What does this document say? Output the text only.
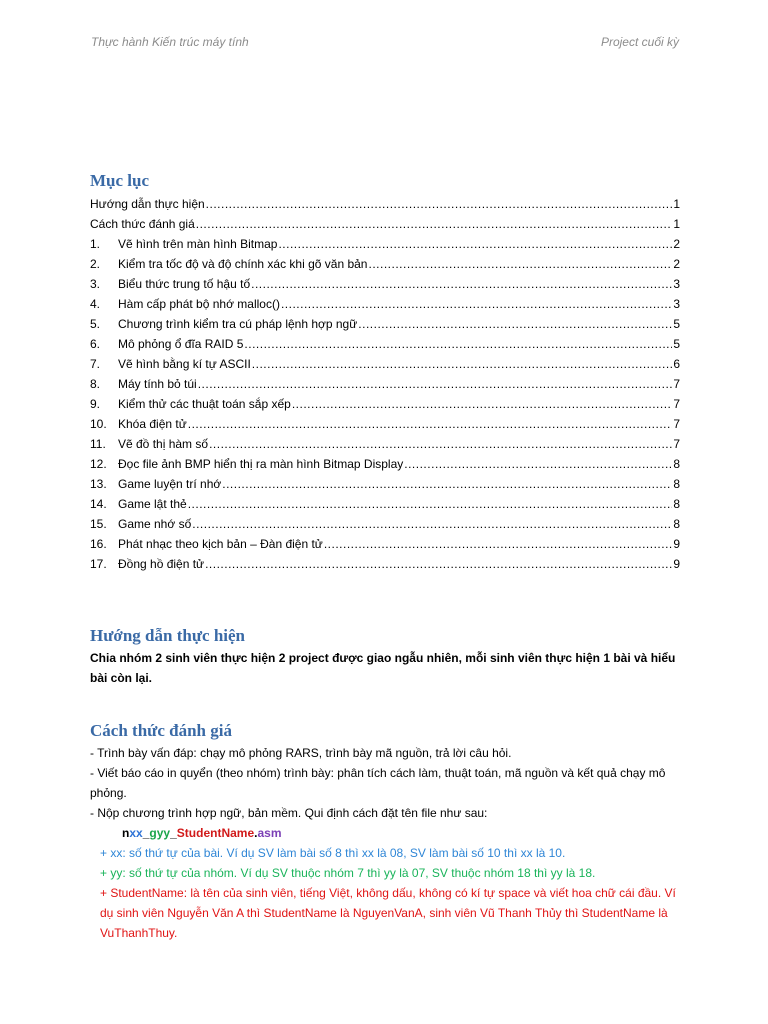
Thực hành Kiến trúc máy tính	Project cuối kỳ
Mục lục
Hướng dẫn thực hiện .....	1
Cách thức đánh giá .....	1
1.	Vẽ hình trên màn hình Bitmap .....	2
2.	Kiểm tra tốc độ và độ chính xác khi gõ văn bản .....	2
3.	Biểu thức trung tố hậu tố .....	3
4.	Hàm cấp phát bộ nhớ malloc() .....	3
5.	Chương trình kiểm tra cú pháp lệnh hợp ngữ .....	5
6.	Mô phỏng ổ đĩa RAID 5 .....	5
7.	Vẽ hình bằng kí tự ASCII .....	6
8.	Máy tính bỏ túi .....	7
9.	Kiểm thử các thuật toán sắp xếp .....	7
10. Khóa điện tử .....	7
11.	Vẽ đồ thị hàm số .....	7
12. Đọc file ảnh BMP hiển thị ra màn hình Bitmap Display .....	8
13. Game luyện trí nhớ .....	8
14. Game lật thẻ .....	8
15. Game nhớ số .....	8
16. Phát nhạc theo kịch bản – Đàn điện tử .....	9
17. Đồng hồ điện tử .....	9
Hướng dẫn thực hiện
Chia nhóm 2 sinh viên thực hiện 2 project được giao ngẫu nhiên, mỗi sinh viên thực hiện 1 bài và hiểu bài còn lại.
Cách thức đánh giá

- Trình bày vấn đáp: chạy mô phỏng RARS, trình bày mã nguồn, trả lời câu hỏi.

- Viết báo cáo in quyển (theo nhóm) trình bày: phân tích cách làm, thuật toán, mã nguồn và kết quả chạy mô phỏng.

- Nộp chương trình hợp ngữ, bản mềm. Qui định cách đặt tên file như sau:

nxx_gyy_StudentName.asm

+ xx: số thứ tự của bài. Ví dụ SV làm bài số 8 thì xx là 08, SV làm bài số 10 thì xx là 10.

+ yy: số thứ tự của nhóm. Ví dụ SV thuộc nhóm 7 thì yy là 07, SV thuộc nhóm 18 thì yy là 18.

+ StudentName: là tên của sinh viên, tiếng Việt, không dấu, không có kí tự space và viết hoa chữ cái đầu. Ví dụ sinh viên Nguyễn Văn A thì StudentName là NguyenVanA, sinh viên Vũ Thanh Thủy thì StudentName là VuThanhThuy.
